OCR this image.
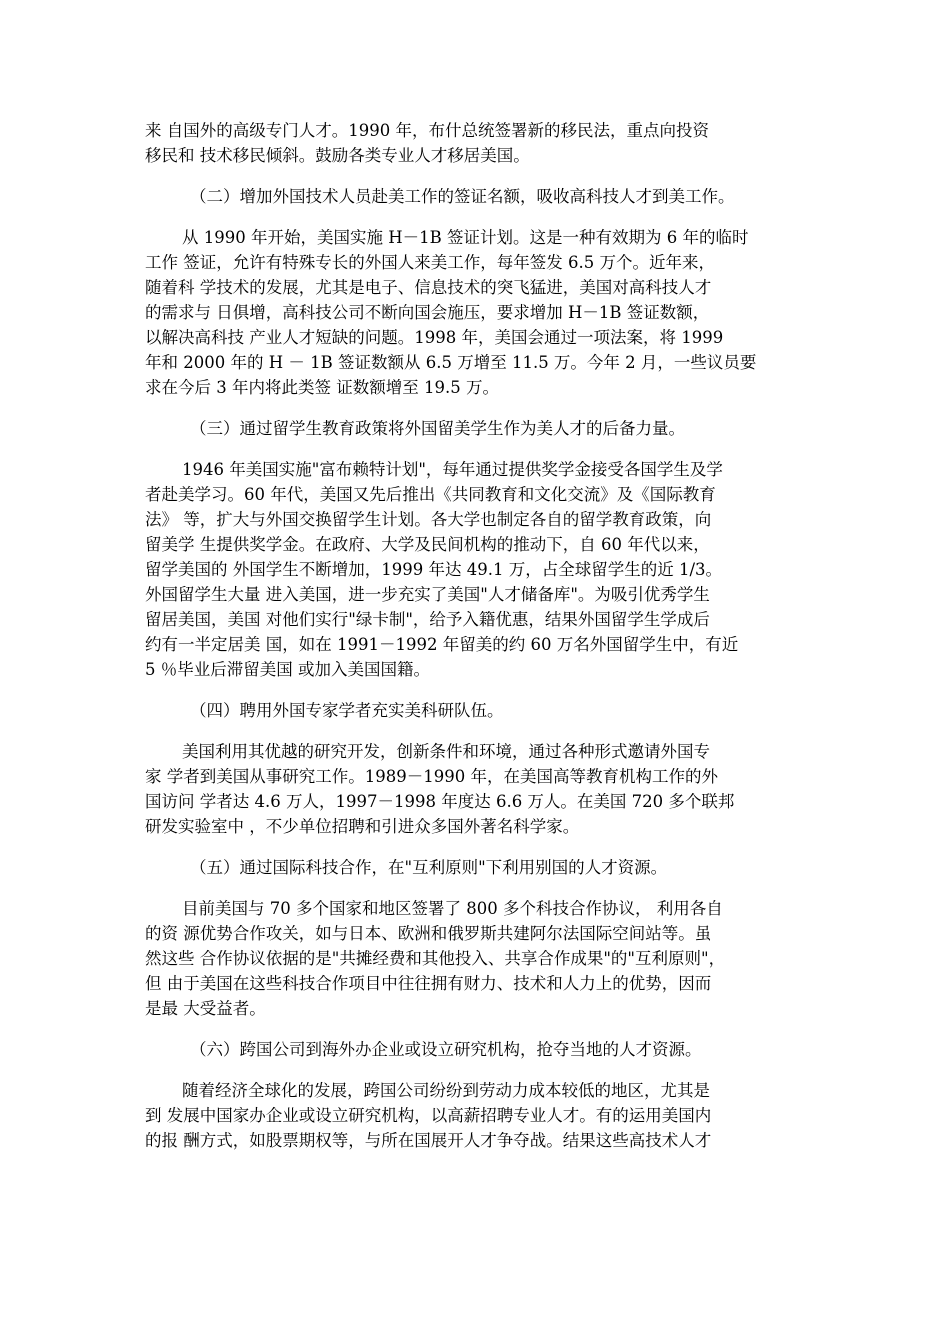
来 自国外的高级专门人才。1990 年，布什总统签署新的移民法，重点向投资
移民和 技术移民倾斜。鼓励各类专业人才移居美国。
（二）增加外国技术人员赴美工作的签证名额，吸收高科技人才到美工作。
从 1990 年开始，美国实施 H－1B 签证计划。这是一种有效期为 6 年的临时
工作 签证，允许有特殊专长的外国人来美工作，每年签发 6.5 万个。近年来，
随着科 学技术的发展，尤其是电子、信息技术的突飞猛进，美国对高科技人才
的需求与 日俱增，高科技公司不断向国会施压，要求增加 H－1B 签证数额，
以解决高科技 产业人才短缺的问题。1998 年，美国会通过一项法案，将 1999
年和 2000 年的 H － 1B 签证数额从 6.5 万增至 11.5 万。今年 2 月，一些议员要
求在今后 3 年内将此类签 证数额增至 19.5 万。
（三）通过留学生教育政策将外国留美学生作为美人才的后备力量。
1946 年美国实施"富布赖特计划"，每年通过提供奖学金接受各国学生及学
者赴美学习。60 年代，美国又先后推出《共同教育和文化交流》及《国际教育
法》 等，扩大与外国交换留学生计划。各大学也制定各自的留学教育政策，向
留美学 生提供奖学金。在政府、大学及民间机构的推动下，自 60 年代以来，
留学美国的 外国学生不断增加，1999 年达 49.1 万，占全球留学生的近 1/3。
外国留学生大量 进入美国，进一步充实了美国"人才储备库"。为吸引优秀学生
留居美国，美国 对他们实行"绿卡制"，给予入籍优惠，结果外国留学生学成后
约有一半定居美 国，如在 1991－1992 年留美的约 60 万名外国留学生中，有近
5 ％毕业后滞留美国 或加入美国国籍。
（四）聘用外国专家学者充实美科研队伍。
美国利用其优越的研究开发，创新条件和环境，通过各种形式邀请外国专
家 学者到美国从事研究工作。1989－1990 年，在美国高等教育机构工作的外
国访问 学者达 4.6 万人，1997－1998 年度达 6.6 万人。在美国 720 多个联邦
研发实验室中 ，不少单位招聘和引进众多国外著名科学家。
（五）通过国际科技合作，在"互利原则"下利用别国的人才资源。
目前美国与 70 多个国家和地区签署了 800 多个科技合作协议， 利用各自
的资 源优势合作攻关，如与日本、欧洲和俄罗斯共建阿尔法国际空间站等。虽
然这些 合作协议依据的是"共摊经费和其他投入、共享合作成果"的"互利原则"，
但 由于美国在这些科技合作项目中往往拥有财力、技术和人力上的优势，因而
是最 大受益者。
（六）跨国公司到海外办企业或设立研究机构，抢夺当地的人才资源。
随着经济全球化的发展，跨国公司纷纷到劳动力成本较低的地区，尤其是
到 发展中国家办企业或设立研究机构，以高薪招聘专业人才。有的运用美国内
的报 酬方式，如股票期权等，与所在国展开人才争夺战。结果这些高技术人才
